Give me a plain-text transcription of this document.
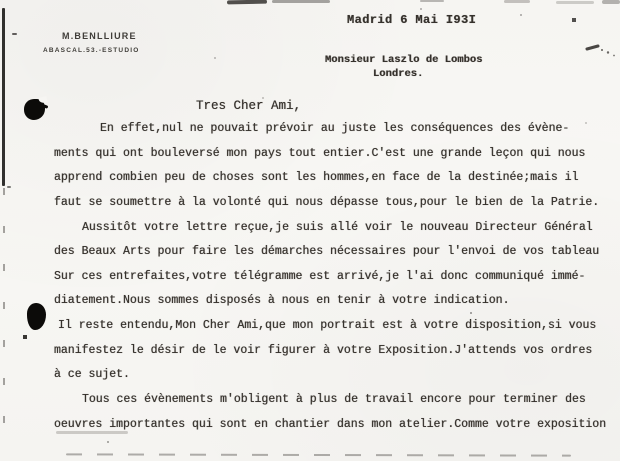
M.BENLLIURE
ABASCAL.53.-ESTUDIO
Madrid 6 Mai I93I
Monsieur Laszlo de Lombos
Londres.
Tres Cher Ami,
En effet,nul ne pouvait prévoir au juste les conséquences des évène-
ments qui ont bouleversé mon pays tout entier.C'est une grande leçon qui nous
apprend combien peu de choses sont les hommes,en face de la destinée;mais il
faut se soumettre à la volonté qui nous dépasse tous,pour le bien de la Patrie.
Aussitôt votre lettre reçue,je suis allé voir le nouveau Directeur Général
des Beaux Arts pour faire les démarches nécessaires pour l'envoi de vos tableau
Sur ces entrefaites,votre télégramme est arrivé,je l'ai donc communiqué immé-
diatement.Nous sommes disposés à nous en tenir à votre indication.
Il reste entendu,Mon Cher Ami,que mon portrait est à votre disposition,si vous
manifestez le désir de le voir figurer à votre Exposition.J'attends vos ordres
à ce sujet.
Tous ces évènements m'obligent à plus de travail encore pour terminer des
oeuvres importantes qui sont en chantier dans mon atelier.Comme votre exposition
